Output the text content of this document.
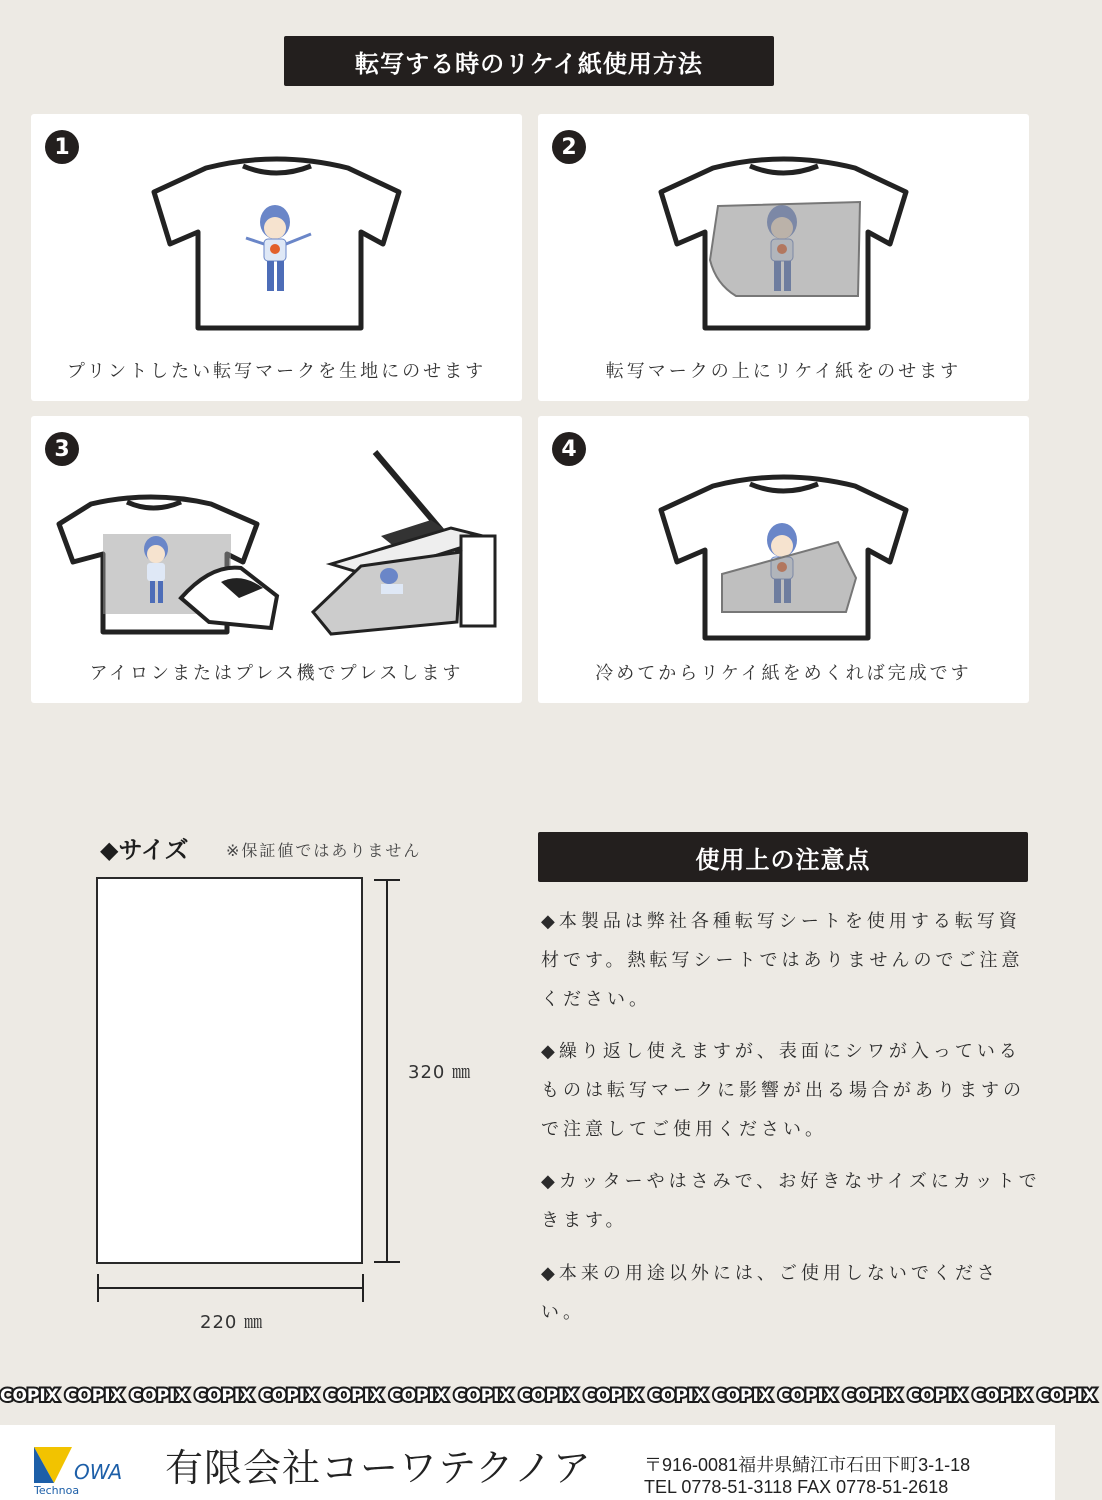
転写する時のリケイ紙使用方法
1
プリントしたい転写マークを生地にのせます
2
転写マークの上にリケイ紙をのせます
3
アイロンまたはプレス機でプレスします
4
冷めてからリケイ紙をめくれば完成です
◆サイズ ※保証値ではありません
320 ㎜
220 ㎜
使用上の注意点
◆本製品は弊社各種転写シートを使用する転写資材です。熱転写シートではありませんのでご注意ください。
◆繰り返し使えますが、表面にシワが入っているものは転写マークに影響が出る場合がありますので注意してご使用ください。
◆カッターやはさみで、お好きなサイズにカットできます。
◆本来の用途以外には、ご使用しないでください。
COPIX COPIX COPIX COPIX COPIX COPIX COPIX COPIX COPIX COPIX COPIX COPIX COPIX COPIX COPIX COPIX COPIX
OWA
Technoa
有限会社コーワテクノア	〒916-0081福井県鯖江市石田下町3-1-18
TEL 0778-51-3118 FAX 0778-51-2618
